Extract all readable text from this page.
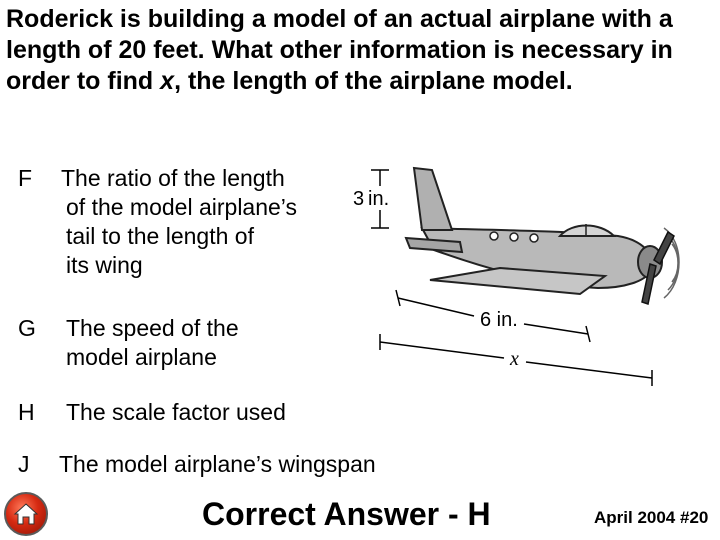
Roderick is building a model of an actual airplane with a length of 20 feet. What other information is necessary in order to find x, the length of the airplane model.

F The ratio of the length
of the model airplane’s
tail to the length of
its wing
G The speed of the
model airplane
H The scale factor used
J The model airplane’s wingspan
3 in.
6 in.
x
Correct Answer - H	April 2004 #20
